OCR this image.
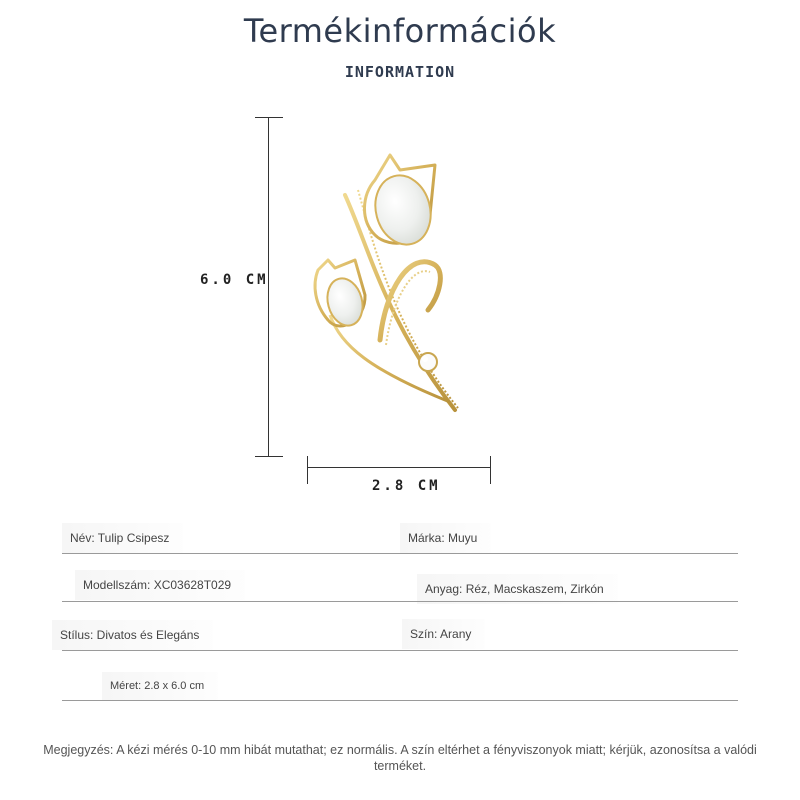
Termékinformációk
INFORMATION
6.0 CM
2.8 CM
Név: Tulip Csipesz	Márka: Muyu
Modellszám: XC03628T029	Anyag: Réz, Macskaszem, Zirkón
Stílus: Divatos és Elegáns	Szín: Arany
Méret: 2.8 x 6.0 cm
Megjegyzés: A kézi mérés 0-10 mm hibát mutathat; ez normális. A szín eltérhet a fényviszonyok miatt; kérjük, azonosítsa a valódi terméket.
